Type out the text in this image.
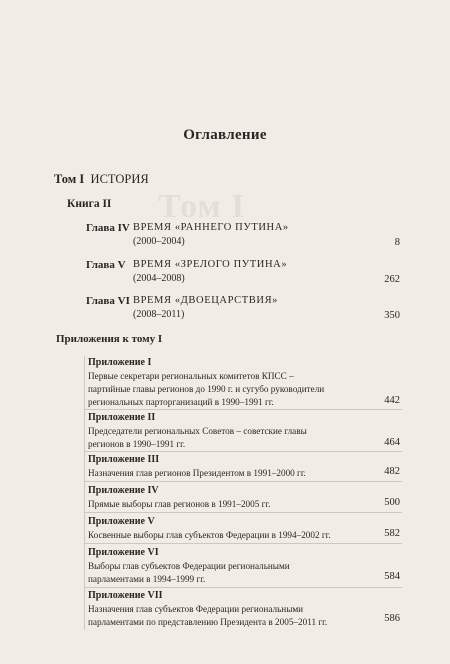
Том I
Оглавление
Том I ИСТОРИЯ
Книга II
Глава IV ВРЕМЯ «РАННЕГО ПУТИНА»
(2000–2004)	8
Глава V ВРЕМЯ «ЗРЕЛОГО ПУТИНА»
(2004–2008)	262
Глава VI ВРЕМЯ «ДВОЕЦАРСТВИЯ»
(2008–2011)	350
Приложения к тому I
Приложение I
Первые секретари региональных комитетов КПСС –
партийные главы регионов до 1990 г. и сугубо руководители
региональных парторганизаций в 1990–1991 гг.	442
Приложение II
Председатели региональных Советов – советские главы
регионов в 1990–1991 гг.	464
Приложение III
Назначения глав регионов Президентом в 1991–2000 гг.	482
Приложение IV
Прямые выборы глав регионов в 1991–2005 гг.	500
Приложение V
Косвенные выборы глав субъектов Федерации в 1994–2002 гг.	582
Приложение VI
Выборы глав субъектов Федерации региональными
парламентами в 1994–1999 гг.	584
Приложение VII
Назначения глав субъектов Федерации региональными
парламентами по представлению Президента в 2005–2011 гг.	586
